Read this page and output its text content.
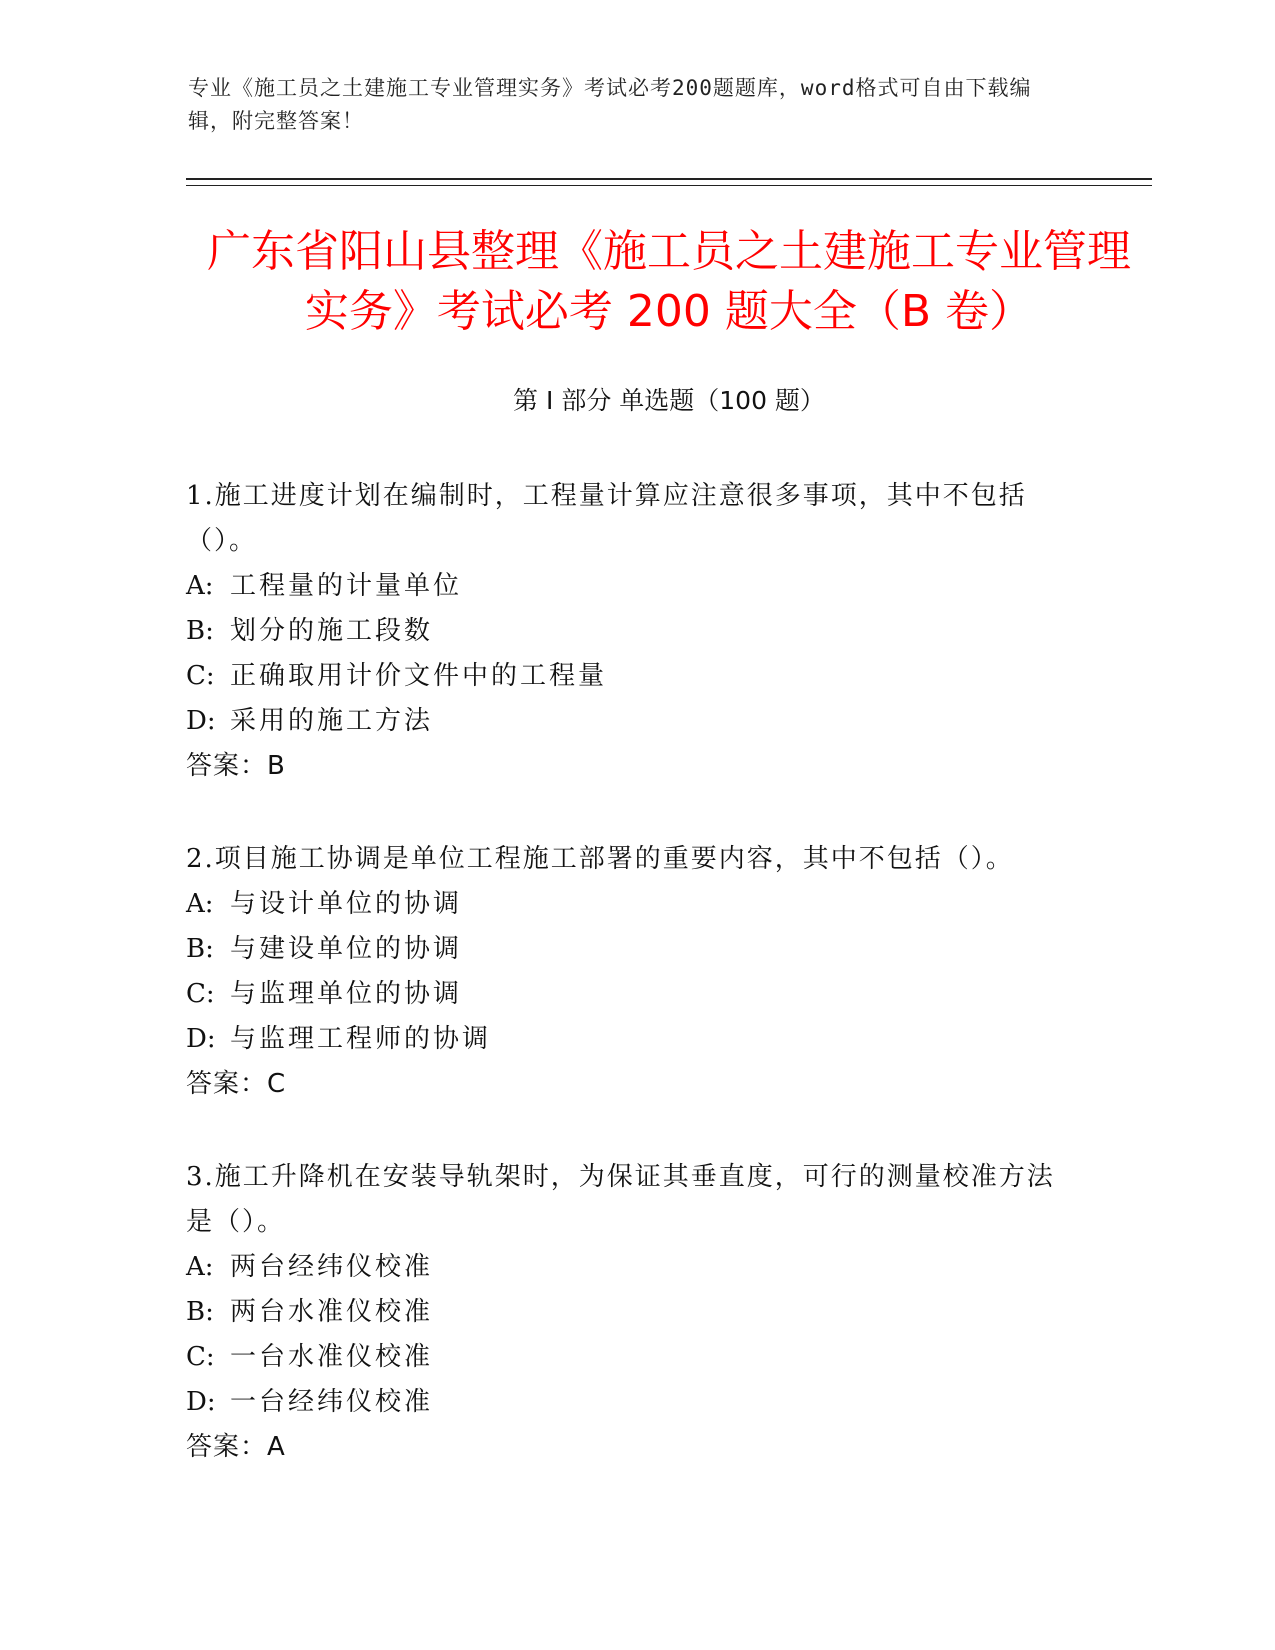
专业《施工员之土建施工专业管理实务》考试必考200题题库，word格式可自由下载编辑，附完整答案！
广东省阳山县整理《施工员之土建施工专业管理实务》考试必考 200 题大全（B 卷）
第 I 部分 单选题（100 题）
1.施工进度计划在编制时，工程量计算应注意很多事项，其中不包括（）。
A: 工程量的计量单位
B: 划分的施工段数
C: 正确取用计价文件中的工程量
D: 采用的施工方法
答案：B
2.项目施工协调是单位工程施工部署的重要内容，其中不包括（）。
A: 与设计单位的协调
B: 与建设单位的协调
C: 与监理单位的协调
D: 与监理工程师的协调
答案：C
3.施工升降机在安装导轨架时，为保证其垂直度，可行的测量校准方法是（）。
A: 两台经纬仪校准
B: 两台水准仪校准
C: 一台水准仪校准
D: 一台经纬仪校准
答案：A
